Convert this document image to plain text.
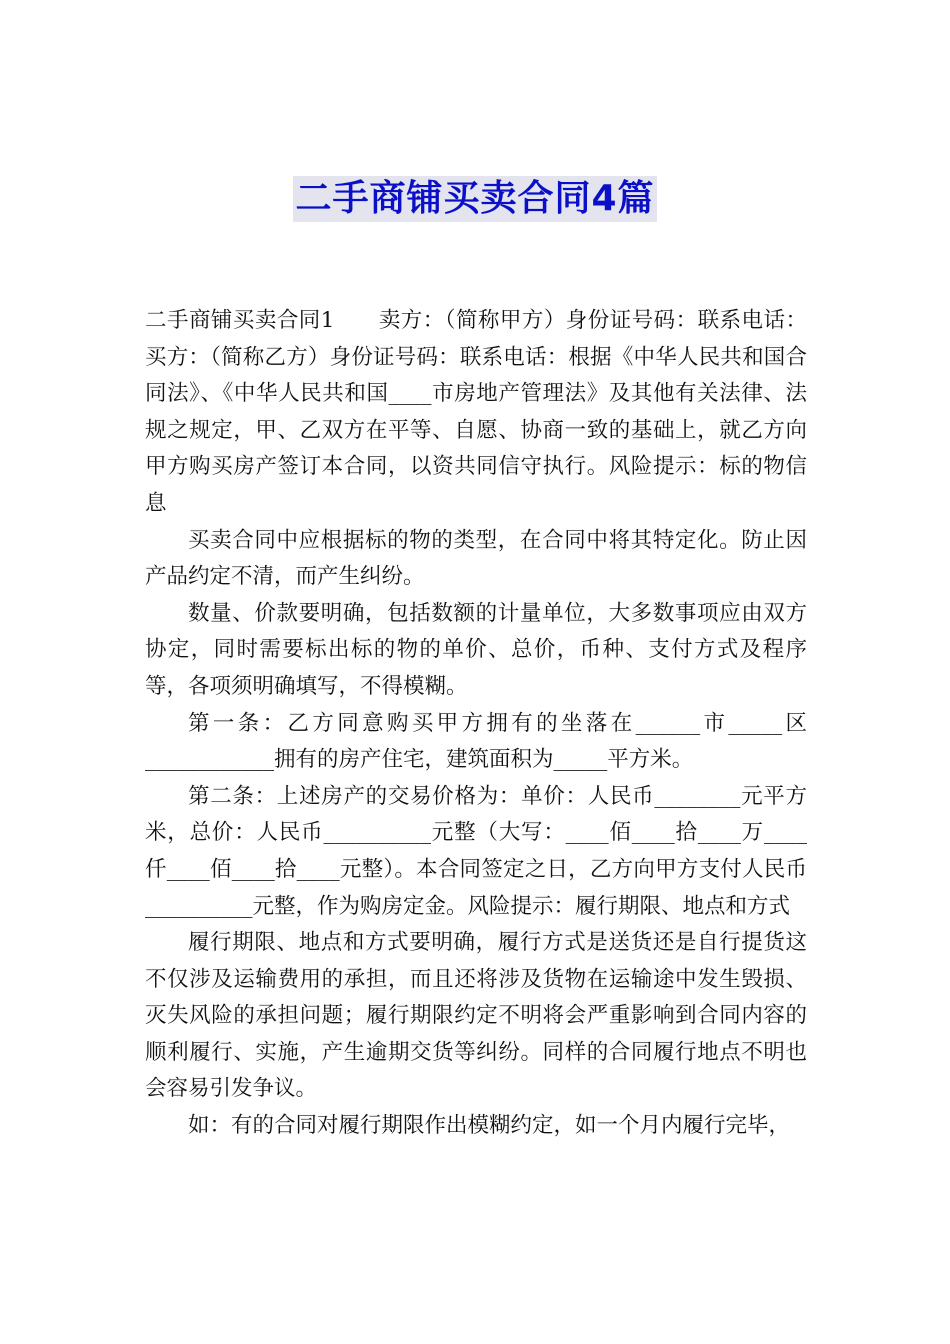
二手商铺买卖合同4篇

二手商铺买卖合同1　　卖方：（简称甲方）身份证号码：联系电话：买方：（简称乙方）身份证号码：联系电话：根据《中华人民共和国合同法》、《中华人民共和国____市房地产管理法》及其他有关法律、法规之规定，甲、乙双方在平等、自愿、协商一致的基础上，就乙方向甲方购买房产签订本合同，以资共同信守执行。风险提示：标的物信息

买卖合同中应根据标的物的类型，在合同中将其特定化。防止因产品约定不清，而产生纠纷。

数量、价款要明确，包括数额的计量单位，大多数事项应由双方协定，同时需要标出标的物的单价、总价，币种、支付方式及程序等，各项须明确填写，不得模糊。

第一条：乙方同意购买甲方拥有的坐落在______市_____区____________拥有的房产住宅，建筑面积为_____平方米。

第二条：上述房产的交易价格为：单价：人民币________元平方米，总价：人民币__________元整（大写：____佰____拾____万____仟____佰____拾____元整）。本合同签定之日，乙方向甲方支付人民币__________元整，作为购房定金。风险提示：履行期限、地点和方式

履行期限、地点和方式要明确，履行方式是送货还是自行提货这不仅涉及运输费用的承担，而且还将涉及货物在运输途中发生毁损、灭失风险的承担问题；履行期限约定不明将会严重影响到合同内容的顺利履行、实施，产生逾期交货等纠纷。同样的合同履行地点不明也会容易引发争议。

如：有的合同对履行期限作出模糊约定，如一个月内履行完毕，
